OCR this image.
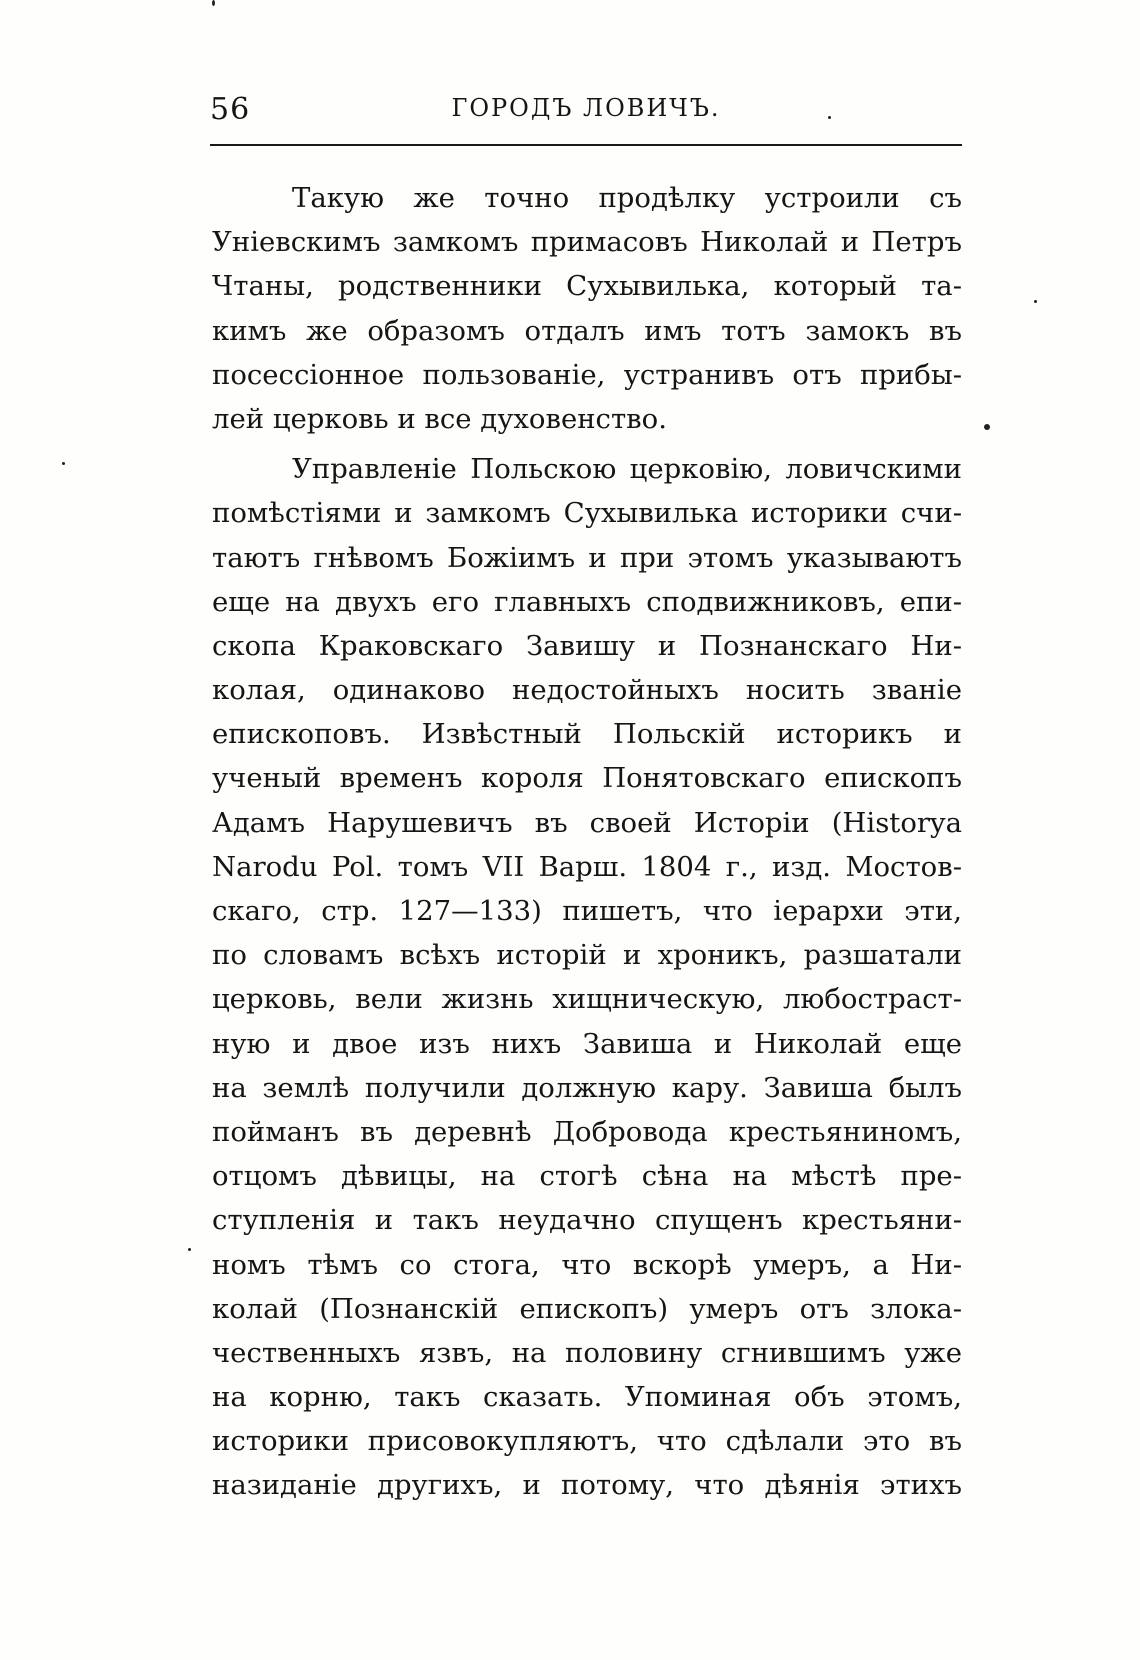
56	ГОРОДЪ ЛОВИЧЪ.
Такую же точно продѣлку устроили съ
Уніевскимъ замкомъ примасовъ Николай и Петръ
Чтаны, родственники Сухывилька, который та-
кимъ же образомъ отдалъ имъ тотъ замокъ въ
посессіонное пользованіе, устранивъ отъ прибы-
лей церковь и все духовенство.
Управленіе Польскою церковію, ловичскими
помѣстіями и замкомъ Сухывилька историки счи-
таютъ гнѣвомъ Божіимъ и при этомъ указываютъ
еще на двухъ его главныхъ сподвижниковъ, епи-
скопа Краковскаго Завишу и Познанскаго Ни-
колая, одинаково недостойныхъ носить званіе
епископовъ. Извѣстный Польскій историкъ и
ученый временъ короля Понятовскаго епископъ
Адамъ Нарушевичъ въ своей Исторіи (Historya
Narodu Pol. томъ VII Варш. 1804 г., изд. Мостов-
скаго, стр. 127—133) пишетъ, что іерархи эти,
по словамъ всѣхъ исторій и хроникъ, разшатали
церковь, вели жизнь хищническую, любостраст-
ную и двое изъ нихъ Завиша и Николай еще
на землѣ получили должную кару. Завиша былъ
пойманъ въ деревнѣ Добровода крестьяниномъ,
отцомъ дѣвицы, на стогѣ сѣна на мѣстѣ пре-
ступленія и такъ неудачно спущенъ крестьяни-
номъ тѣмъ со стога, что вскорѣ умеръ, а Ни-
колай (Познанскій епископъ) умеръ отъ злока-
чественныхъ язвъ, на половину сгнившимъ уже
на корню, такъ сказать. Упоминая объ этомъ,
историки присовокупляютъ, что сдѣлали это въ
назиданіе другихъ, и потому, что дѣянія этихъ
